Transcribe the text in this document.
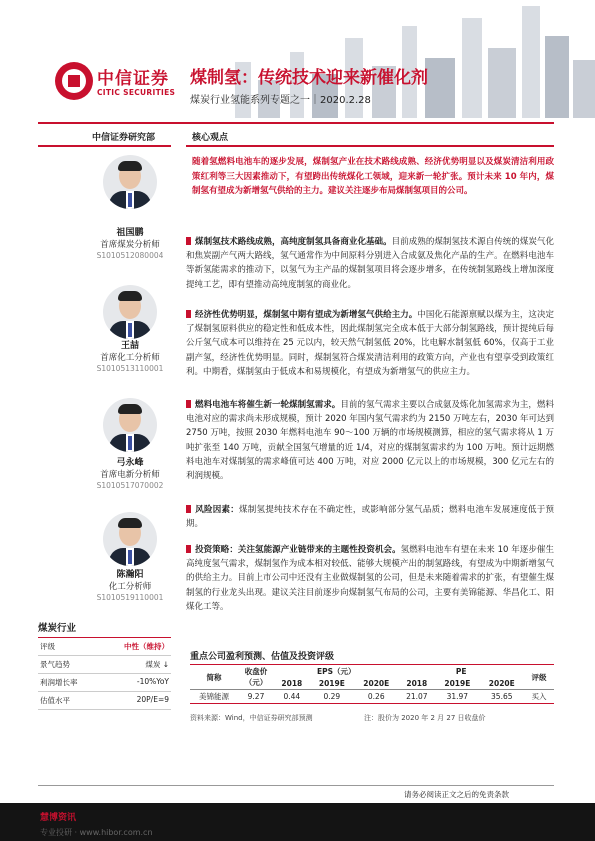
中信证券
CITIC SECURITIES
煤制氢：传统技术迎来新催化剂
煤炭行业氢能系列专题之一｜2020.2.28
中信证券研究部
祖国鹏
首席煤炭分析师
S1010512080004
王喆
首席化工分析师
S1010513110001
弓永峰
首席电新分析师
S1010517070002
陈瀚阳
化工分析师
S1010519110001
煤炭行业
评级	中性（维持）
景气趋势	煤炭 ↓
利润增长率	-10%YoY
估值水平	20P/E=9
核心观点
随着氢燃料电池车的逐步发展，煤制氢产业在技术路线成熟、经济优势明显以及煤炭清洁利用政策红利等三大因素推动下，有望跨出传统煤化工领域，迎来新一轮扩张。预计未来 10 年内，煤制氢有望成为新增氢气供给的主力。建议关注逐步布局煤制氢项目的公司。
煤制氢技术路线成熟，高纯度制氢具备商业化基础。目前成熟的煤制氢技术源自传统的煤炭气化和焦炭副产气两大路线，氢气通常作为中间原料分别进入合成氨及焦化产品的生产。在燃料电池车等新氢能需求的推动下，以氢气为主产品的煤制氢项目将会逐步增多，在传统制氢路线上增加深度提纯工艺，即有望推动高纯度制氢的商业化。
经济性优势明显，煤制氢中期有望成为新增氢气供给主力。中国化石能源禀赋以煤为主，这决定了煤制氢原料供应的稳定性和低成本性，因此煤制氢完全成本低于大部分制氢路线，预计提纯后每公斤氢气成本可以维持在 25 元以内，较天然气制氢低 20%，比电解水制氢低 60%，仅高于工业副产氢，经济性优势明显。同时，煤制氢符合煤炭清洁利用的政策方向，产业也有望享受到政策红利。中期看，煤制氢由于低成本和易规模化，有望成为新增氢气的供应主力。
燃料电池车将催生新一轮煤制氢需求。目前的氢气需求主要以合成氨及炼化加氢需求为主，燃料电池对应的需求尚未形成规模，预计 2020 年国内氢气需求约为 2150 万吨左右，2030 年可达到 2750 万吨，按照 2030 年燃料电池车 90～100 万辆的市场规模测算，相应的氢气需求将从 1 万吨扩张至 140 万吨，贡献全国氢气增量的近 1/4，对应的煤制氢需求约为 100 万吨。预计远期燃料电池车对煤制氢的需求峰值可达 400 万吨，对应 2000 亿元以上的市场规模，300 亿元左右的利润规模。
风险因素：煤制氢提纯技术存在不确定性，或影响部分氢气品质；燃料电池车发展速度低于预期。
投资策略：关注氢能源产业链带来的主题性投资机会。氢燃料电池车有望在未来 10 年逐步催生高纯度氢气需求，煤制氢作为成本相对较低、能够大规模产出的制氢路线，有望成为中期新增氢气的供给主力。目前上市公司中还没有主业做煤制氢的公司，但是未来随着需求的扩张，有望催生煤制氢的行业龙头出现。建议关注目前逐步向煤制氢气布局的公司，主要有美锦能源、华昌化工、阳煤化工等。
重点公司盈利预测、估值及投资评级
简称	收盘价（元）	EPS（元）			PE			评级
		2018	2019E	2020E	2018	2019E	2020E	
美锦能源	9.27	0.44	0.29	0.26	21.07	31.97	35.65	买入
资料来源：Wind，中信证券研究部预测	注：股价为 2020 年 2 月 27 日收盘价
请务必阅读正文之后的免责条款
慧博资讯
专业投研 · www.hibor.com.cn
